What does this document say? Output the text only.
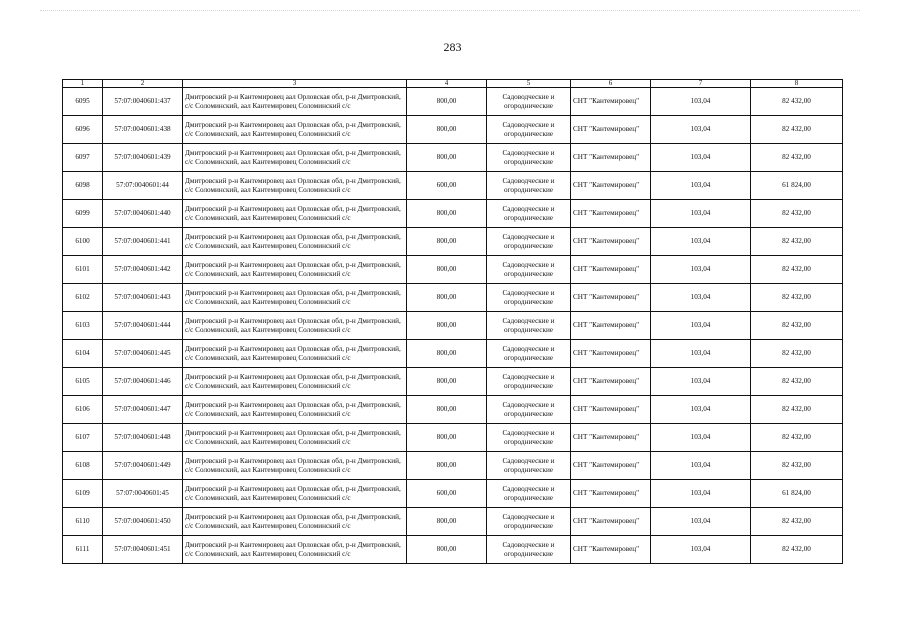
283
1	2	3	4	5	6	7	8
6095	57:07:0040601:437	Дмитровский р-н Кантемировец аал Орловская обл, р-н Дмитровский, с/с Соломинский, аал Кантемировец Соломинский с/с	800,00	Садоводческие и огороднические	СНТ "Кантемировец"	103,04	82 432,00
6096	57:07:0040601:438	Дмитровский р-н Кантемировец аал Орловская обл, р-н Дмитровский, с/с Соломинский, аал Кантемировец Соломинский с/с	800,00	Садоводческие и огороднические	СНТ "Кантемировец"	103,04	82 432,00
6097	57:07:0040601:439	Дмитровский р-н Кантемировец аал Орловская обл, р-н Дмитровский, с/с Соломинский, аал Кантемировец Соломинский с/с	800,00	Садоводческие и огороднические	СНТ "Кантемировец"	103,04	82 432,00
6098	57:07:0040601:44	Дмитровский р-н Кантемировец аал Орловская обл, р-н Дмитровский, с/с Соломинский, аал Кантемировец Соломинский с/с	600,00	Садоводческие и огороднические	СНТ "Кантемировец"	103,04	61 824,00
6099	57:07:0040601:440	Дмитровский р-н Кантемировец аал Орловская обл, р-н Дмитровский, с/с Соломинский, аал Кантемировец Соломинский с/с	800,00	Садоводческие и огороднические	СНТ "Кантемировец"	103,04	82 432,00
6100	57:07:0040601:441	Дмитровский р-н Кантемировец аал Орловская обл, р-н Дмитровский, с/с Соломинский, аал Кантемировец Соломинский с/с	800,00	Садоводческие и огороднические	СНТ "Кантемировец"	103,04	82 432,00
6101	57:07:0040601:442	Дмитровский р-н Кантемировец аал Орловская обл, р-н Дмитровский, с/с Соломинский, аал Кантемировец Соломинский с/с	800,00	Садоводческие и огороднические	СНТ "Кантемировец"	103,04	82 432,00
6102	57:07:0040601:443	Дмитровский р-н Кантемировец аал Орловская обл, р-н Дмитровский, с/с Соломинский, аал Кантемировец Соломинский с/с	800,00	Садоводческие и огороднические	СНТ "Кантемировец"	103,04	82 432,00
6103	57:07:0040601:444	Дмитровский р-н Кантемировец аал Орловская обл, р-н Дмитровский, с/с Соломинский, аал Кантемировец Соломинский с/с	800,00	Садоводческие и огороднические	СНТ "Кантемировец"	103,04	82 432,00
6104	57:07:0040601:445	Дмитровский р-н Кантемировец аал Орловская обл, р-н Дмитровский, с/с Соломинский, аал Кантемировец Соломинский с/с	800,00	Садоводческие и огороднические	СНТ "Кантемировец"	103,04	82 432,00
6105	57:07:0040601:446	Дмитровский р-н Кантемировец аал Орловская обл, р-н Дмитровский, с/с Соломинский, аал Кантемировец Соломинский с/с	800,00	Садоводческие и огороднические	СНТ "Кантемировец"	103,04	82 432,00
6106	57:07:0040601:447	Дмитровский р-н Кантемировец аал Орловская обл, р-н Дмитровский, с/с Соломинский, аал Кантемировец Соломинский с/с	800,00	Садоводческие и огороднические	СНТ "Кантемировец"	103,04	82 432,00
6107	57:07:0040601:448	Дмитровский р-н Кантемировец аал Орловская обл, р-н Дмитровский, с/с Соломинский, аал Кантемировец Соломинский с/с	800,00	Садоводческие и огороднические	СНТ "Кантемировец"	103,04	82 432,00
6108	57:07:0040601:449	Дмитровский р-н Кантемировец аал Орловская обл, р-н Дмитровский, с/с Соломинский, аал Кантемировец Соломинский с/с	800,00	Садоводческие и огороднические	СНТ "Кантемировец"	103,04	82 432,00
6109	57:07:0040601:45	Дмитровский р-н Кантемировец аал Орловская обл, р-н Дмитровский, с/с Соломинский, аал Кантемировец Соломинский с/с	600,00	Садоводческие и огороднические	СНТ "Кантемировец"	103,04	61 824,00
6110	57:07:0040601:450	Дмитровский р-н Кантемировец аал Орловская обл, р-н Дмитровский, с/с Соломинский, аал Кантемировец Соломинский с/с	800,00	Садоводческие и огороднические	СНТ "Кантемировец"	103,04	82 432,00
6111	57:07:0040601:451	Дмитровский р-н Кантемировец аал Орловская обл, р-н Дмитровский, с/с Соломинский, аал Кантемировец Соломинский с/с	800,00	Садоводческие и огороднические	СНТ "Кантемировец"	103,04	82 432,00
